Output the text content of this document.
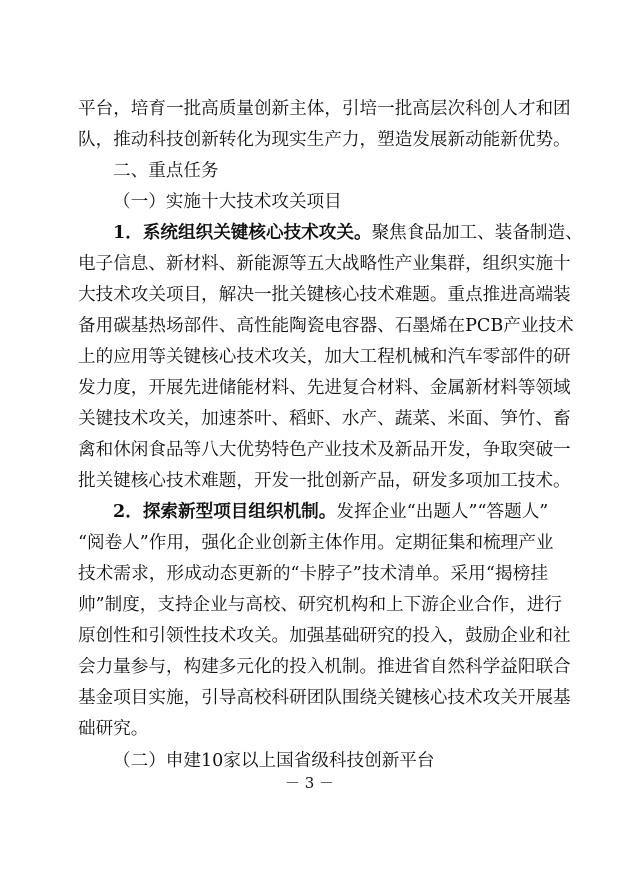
平台，培育一批高质量创新主体，引培一批高层次科创人才和团
队，推动科技创新转化为现实生产力，塑造发展新动能新优势。
二、重点任务
（一）实施十大技术攻关项目
1．系统组织关键核心技术攻关。聚焦食品加工、装备制造、
电子信息、新材料、新能源等五大战略性产业集群，组织实施十
大技术攻关项目，解决一批关键核心技术难题。重点推进高端装
备用碳基热场部件、高性能陶瓷电容器、石墨烯在PCB产业技术
上的应用等关键核心技术攻关，加大工程机械和汽车零部件的研
发力度，开展先进储能材料、先进复合材料、金属新材料等领域
关键技术攻关，加速茶叶、稻虾、水产、蔬菜、米面、笋竹、畜
禽和休闲食品等八大优势特色产业技术及新品开发，争取突破一
批关键核心技术难题，开发一批创新产品，研发多项加工技术。
2．探索新型项目组织机制。发挥企业“出题人”“答题人”
“阅卷人”作用，强化企业创新主体作用。定期征集和梳理产业
技术需求，形成动态更新的“卡脖子”技术清单。采用“揭榜挂
帅”制度，支持企业与高校、研究机构和上下游企业合作，进行
原创性和引领性技术攻关。加强基础研究的投入，鼓励企业和社
会力量参与，构建多元化的投入机制。推进省自然科学益阳联合
基金项目实施，引导高校科研团队围绕关键核心技术攻关开展基
础研究。
（二）申建10家以上国省级科技创新平台
－ 3 －
